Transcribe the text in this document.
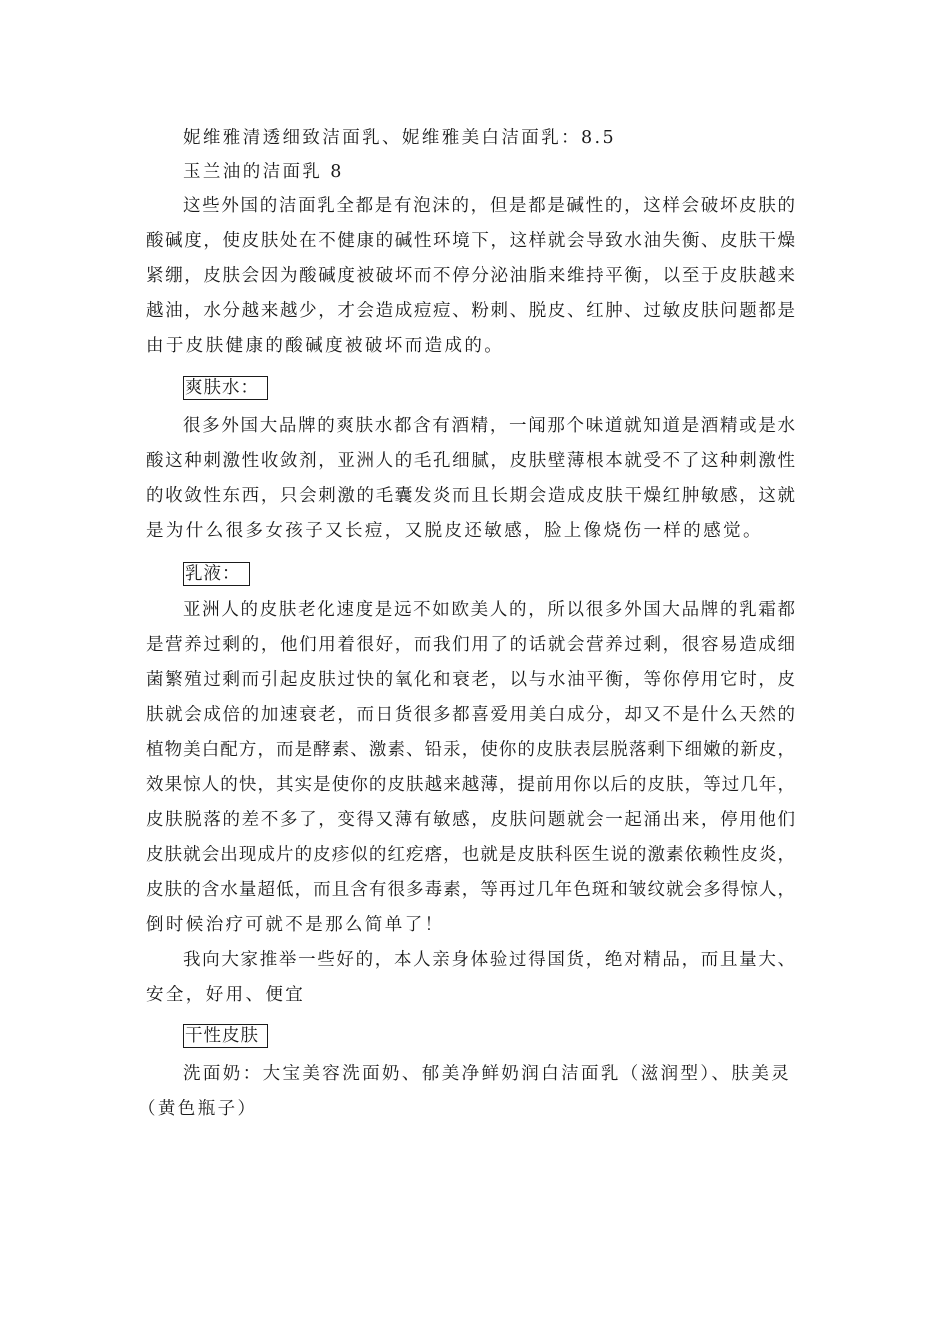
妮维雅清透细致洁面乳、妮维雅美白洁面乳：8.5
玉兰油的洁面乳 8
这些外国的洁面乳全都是有泡沫的，但是都是碱性的，这样会破坏皮肤的
酸碱度，使皮肤处在不健康的碱性环境下，这样就会导致水油失衡、皮肤干燥
紧绷，皮肤会因为酸碱度被破坏而不停分泌油脂来维持平衡，以至于皮肤越来
越油，水分越来越少，才会造成痘痘、粉刺、脱皮、红肿、过敏皮肤问题都是
由于皮肤健康的酸碱度被破坏而造成的。
爽肤水：
很多外国大品牌的爽肤水都含有酒精，一闻那个味道就知道是酒精或是水
酸这种刺激性收敛剂，亚洲人的毛孔细腻，皮肤壁薄根本就受不了这种刺激性
的收敛性东西，只会刺激的毛囊发炎而且长期会造成皮肤干燥红肿敏感，这就
是为什么很多女孩子又长痘，又脱皮还敏感，脸上像烧伤一样的感觉。
乳液：
亚洲人的皮肤老化速度是远不如欧美人的，所以很多外国大品牌的乳霜都
是营养过剩的，他们用着很好，而我们用了的话就会营养过剩，很容易造成细
菌繁殖过剩而引起皮肤过快的氧化和衰老，以与水油平衡，等你停用它时，皮
肤就会成倍的加速衰老，而日货很多都喜爱用美白成分，却又不是什么天然的
植物美白配方，而是酵素、激素、铅汞，使你的皮肤表层脱落剩下细嫩的新皮，
效果惊人的快，其实是使你的皮肤越来越薄，提前用你以后的皮肤，等过几年，
皮肤脱落的差不多了，变得又薄有敏感，皮肤问题就会一起涌出来，停用他们
皮肤就会出现成片的皮疹似的红疙瘩，也就是皮肤科医生说的激素依赖性皮炎，
皮肤的含水量超低，而且含有很多毒素，等再过几年色斑和皱纹就会多得惊人，
倒时候治疗可就不是那么简单了！
我向大家推举一些好的，本人亲身体验过得国货，绝对精品，而且量大、
安全，好用、便宜
干性皮肤
洗面奶：大宝美容洗面奶、郁美净鲜奶润白洁面乳（滋润型）、肤美灵
（黄色瓶子）
